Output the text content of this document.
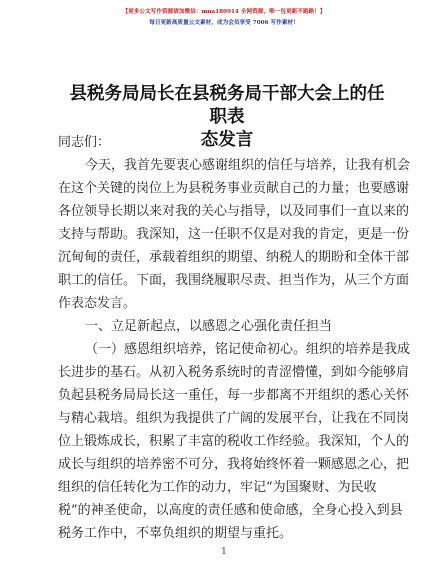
【更多公文写作资源请加微信：mua180914 全网资源，唯一包更新不跑路！】
每日更新高质量公文素材，成为会员享受 7006 写作素材！
县税务局局长在县税务局干部大会上的任职表
态发言
同志们：
今天，我首先要衷心感谢组织的信任与培养，让我有机会
在这个关键的岗位上为县税务事业贡献自己的力量；也要感谢
各位领导长期以来对我的关心与指导，以及同事们一直以来的
支持与帮助。我深知，这一任职不仅是对我的肯定，更是一份
沉甸甸的责任，承载着组织的期望、纳税人的期盼和全体干部
职工的信任。下面，我围绕履职尽责、担当作为，从三个方面
作表态发言。
一、立足新起点，以感恩之心强化责任担当
（一）感恩组织培养，铭记使命初心。组织的培养是我成
长进步的基石。从初入税务系统时的青涩懵懂，到如今能够肩
负起县税务局局长这一重任，每一步都离不开组织的悉心关怀
与精心栽培。组织为我提供了广阔的发展平台，让我在不同岗
位上锻炼成长，积累了丰富的税收工作经验。我深知，个人的
成长与组织的培养密不可分，我将始终怀着一颗感恩之心，把
组织的信任转化为工作的动力，牢记“为国聚财、为民收
税”的神圣使命，以高度的责任感和使命感，全身心投入到县
税务工作中，不辜负组织的期望与重托。
1
